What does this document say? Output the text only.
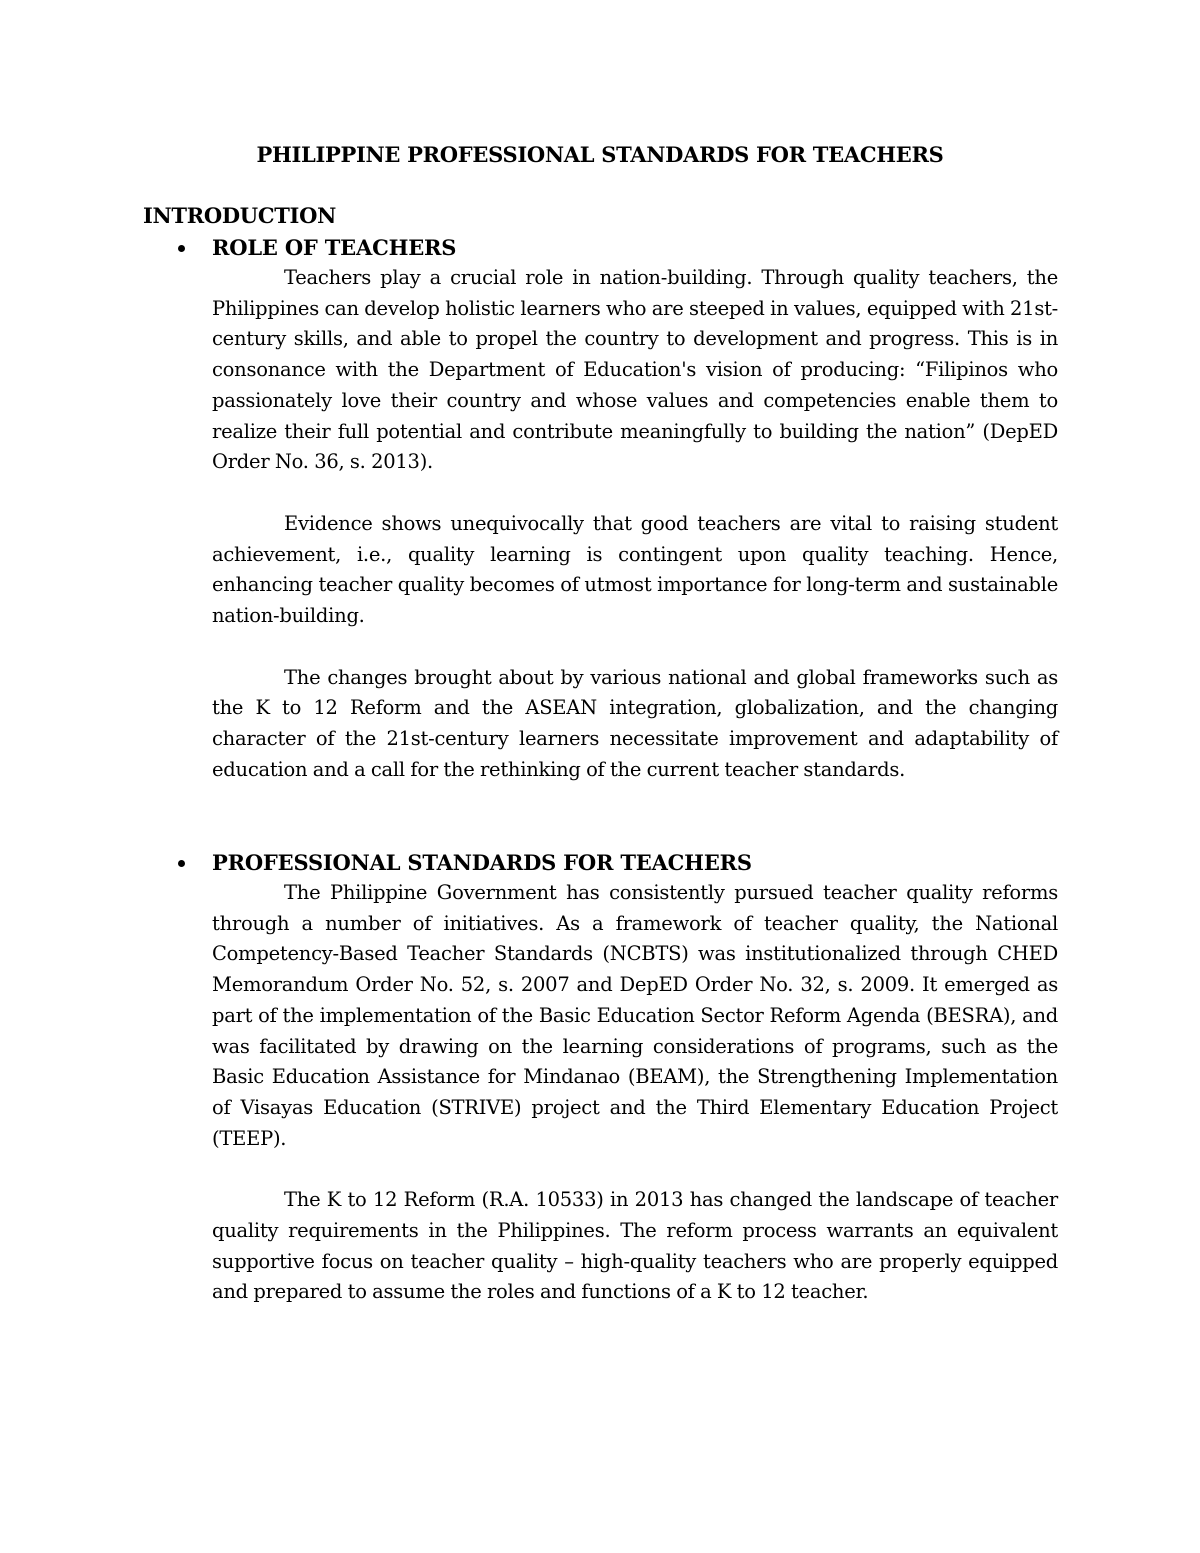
PHILIPPINE PROFESSIONAL STANDARDS FOR TEACHERS
INTRODUCTION
ROLE OF TEACHERS

Teachers play a crucial role in nation-building. Through quality teachers, the Philippines can develop holistic learners who are steeped in values, equipped with 21st-century skills, and able to propel the country to development and progress. This is in consonance with the Department of Education's vision of producing: “Filipinos who passionately love their country and whose values and competencies enable them to realize their full potential and contribute meaningfully to building the nation” (DepED Order No. 36, s. 2013).

Evidence shows unequivocally that good teachers are vital to raising student achievement, i.e., quality learning is contingent upon quality teaching. Hence, enhancing teacher quality becomes of utmost importance for long-term and sustainable nation-building.

The changes brought about by various national and global frameworks such as the K to 12 Reform and the ASEAN integration, globalization, and the changing character of the 21st-century learners necessitate improvement and adaptability of education and a call for the rethinking of the current teacher standards.

PROFESSIONAL STANDARDS FOR TEACHERS

The Philippine Government has consistently pursued teacher quality reforms through a number of initiatives. As a framework of teacher quality, the National Competency-Based Teacher Standards (NCBTS) was institutionalized through CHED Memorandum Order No. 52, s. 2007 and DepED Order No. 32, s. 2009. It emerged as part of the implementation of the Basic Education Sector Reform Agenda (BESRA), and was facilitated by drawing on the learning considerations of programs, such as the Basic Education Assistance for Mindanao (BEAM), the Strengthening Implementation of Visayas Education (STRIVE) project and the Third Elementary Education Project (TEEP).

The K to 12 Reform (R.A. 10533) in 2013 has changed the landscape of teacher quality requirements in the Philippines. The reform process warrants an equivalent supportive focus on teacher quality – high-quality teachers who are properly equipped and prepared to assume the roles and functions of a K to 12 teacher.
